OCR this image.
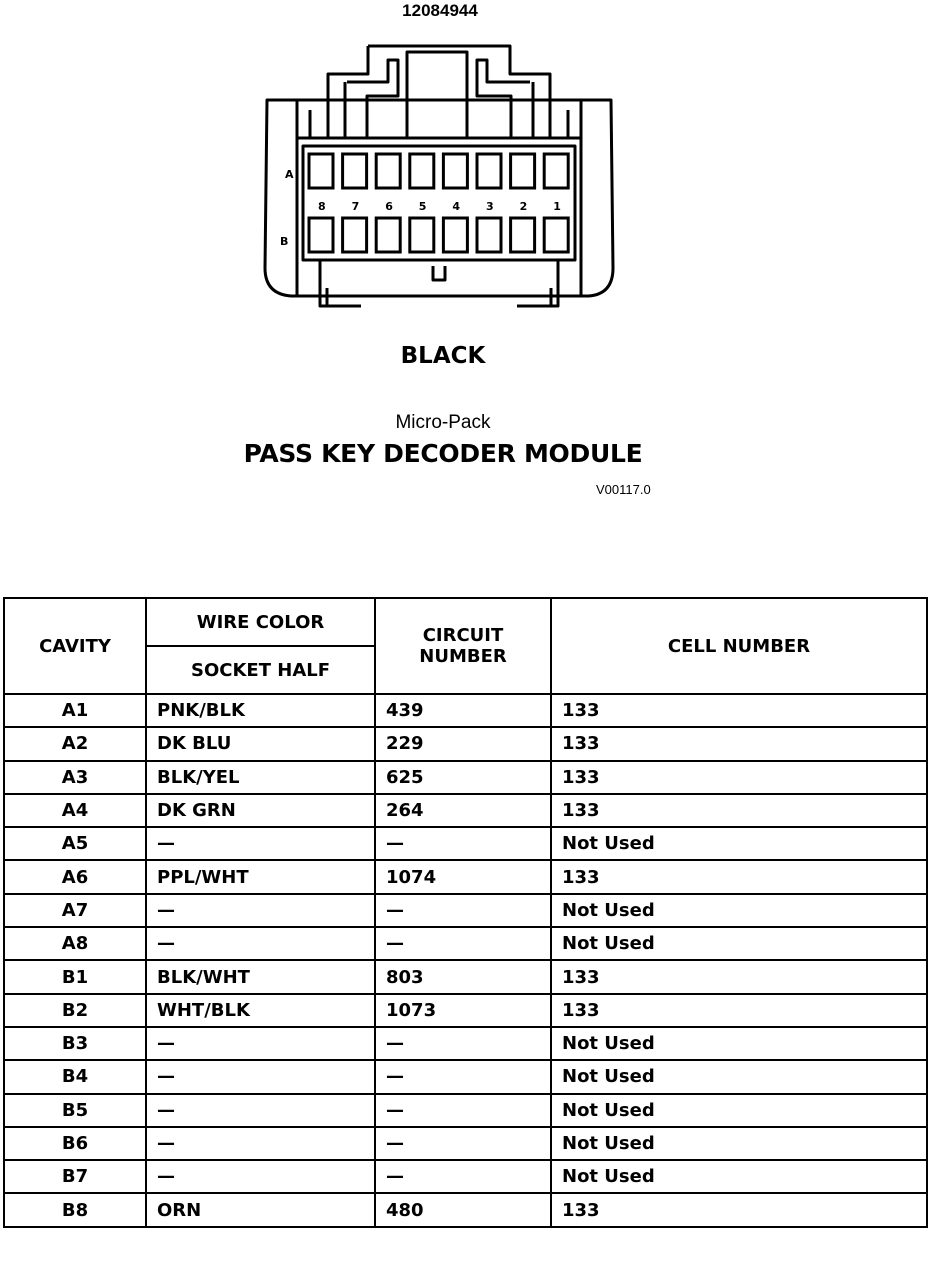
12084944
A
B
8 7 6 5 4 3 2 1
BLACK
Micro-Pack
PASS KEY DECODER MODULE
V00117.0
CAVITY	WIRE COLOR	CIRCUIT NUMBER	CELL NUMBER
	SOCKET HALF		
A1	PNK/BLK	439	133
A2	DK BLU	229	133
A3	BLK/YEL	625	133
A4	DK GRN	264	133
A5	—	—	Not Used
A6	PPL/WHT	1074	133
A7	—	—	Not Used
A8	—	—	Not Used
B1	BLK/WHT	803	133
B2	WHT/BLK	1073	133
B3	—	—	Not Used
B4	—	—	Not Used
B5	—	—	Not Used
B6	—	—	Not Used
B7	—	—	Not Used
B8	ORN	480	133
